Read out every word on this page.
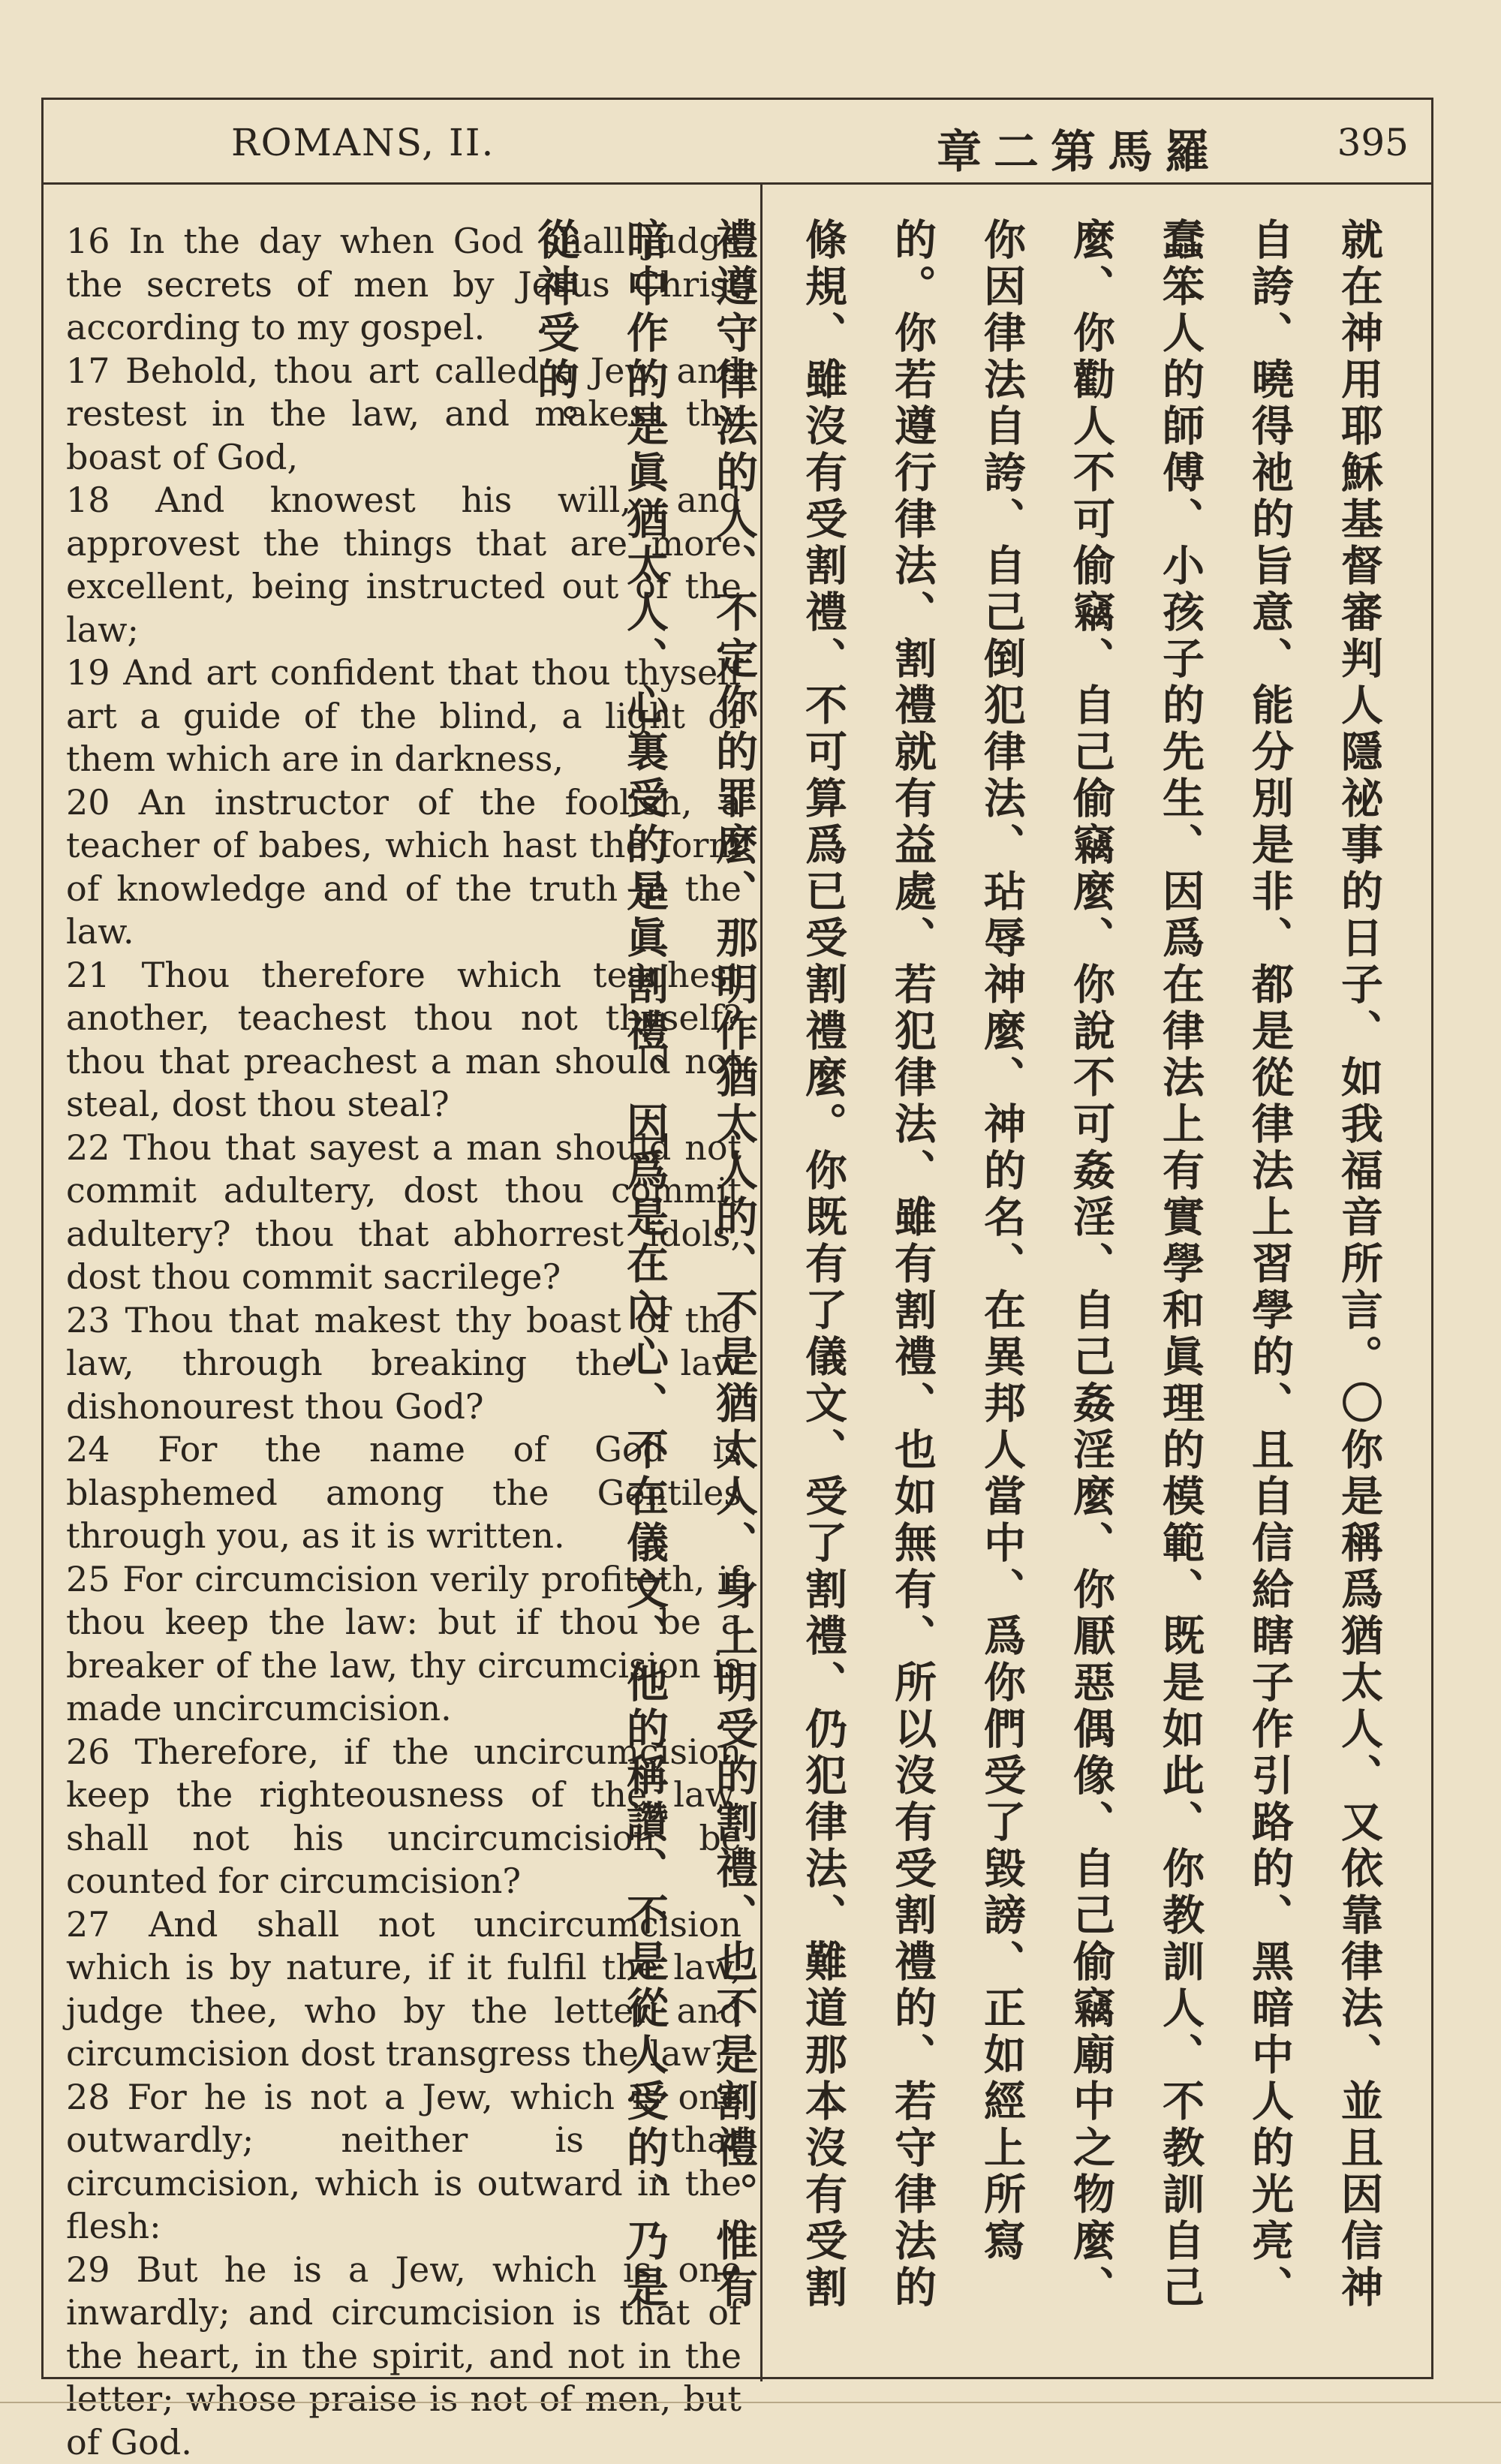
ROMANS, II.	章二第馬羅	395

16 In the day when God shall judge the secrets of men by Jesus Christ according to my gospel.

17 Behold, thou art called a Jew, and restest in the law, and makest thy boast of God,

18 And knowest his will, and approvest the things that are more excellent, being instructed out of the law;

19 And art confident that thou thyself art a guide of the blind, a light of them which are in darkness,

20 An instructor of the foolish, a teacher of babes, which hast the form of knowledge and of the truth in the law.

21 Thou therefore which teachest another, teachest thou not thyself? thou that preachest a man should not steal, dost thou steal?

22 Thou that sayest a man should not commit adultery, dost thou commit adultery? thou that abhorrest idols, dost thou commit sacrilege?

23 Thou that makest thy boast of the law, through breaking the law dishonourest thou God?

24 For the name of God is blasphemed among the Gentiles through you, as it is written.

25 For circumcision verily profiteth, if thou keep the law: but if thou be a breaker of the law, thy circumcision is made uncircumcision.

26 Therefore, if the uncircumcision keep the righteousness of the law, shall not his uncircumcision be counted for circumcision?

27 And shall not uncircumcision which is by nature, if it fulfil the law, judge thee, who by the letter and circumcision dost transgress the law?

28 For he is not a Jew, which is one outwardly; neither is that circumcision, which is outward in the flesh:

29 But he is a Jew, which is one inwardly; and circumcision is that of the heart, in the spirit, and not in the letter; whose praise is not of men, but of God.

就在神用耶穌基督審判人隱祕事的日子、如我福音所言。〇你是稱爲猶太人、又依靠律法、並且因信神自誇、曉得祂的旨意、能分別是非、都是從律法上習學的、且自信給瞎子作引路的、黑暗中人的光亮、蠢笨人的師傅、小孩子的先生、因爲在律法上有實學和眞理的模範、既是如此、你教訓人、不教訓自己麼、你勸人不可偷竊、自己偷竊麼、你說不可姦淫、自己姦淫麼、你厭惡偶像、自己偷竊廟中之物麼、你因律法自誇、自己倒犯律法、玷辱神麼、神的名、在異邦人當中、爲你們受了毀謗、正如經上所寫的。你若遵行律法、割禮就有益處、若犯律法、雖有割禮、也如無有、所以沒有受割禮的、若守律法的條規、雖沒有受割禮、不可算爲已受割禮麼。你既有了儀文、受了割禮、仍犯律法、難道那本沒有受割禮遵守律法的人、不定你的罪麼、那明作猶太人的、不是猶太人、身上明受的割禮、也不是割禮。惟有暗中作的是眞猶太人、心裏受的是眞割禮、因爲是在內心、不在儀文、他的稱讚、不是從人受的、乃是從神受的。
